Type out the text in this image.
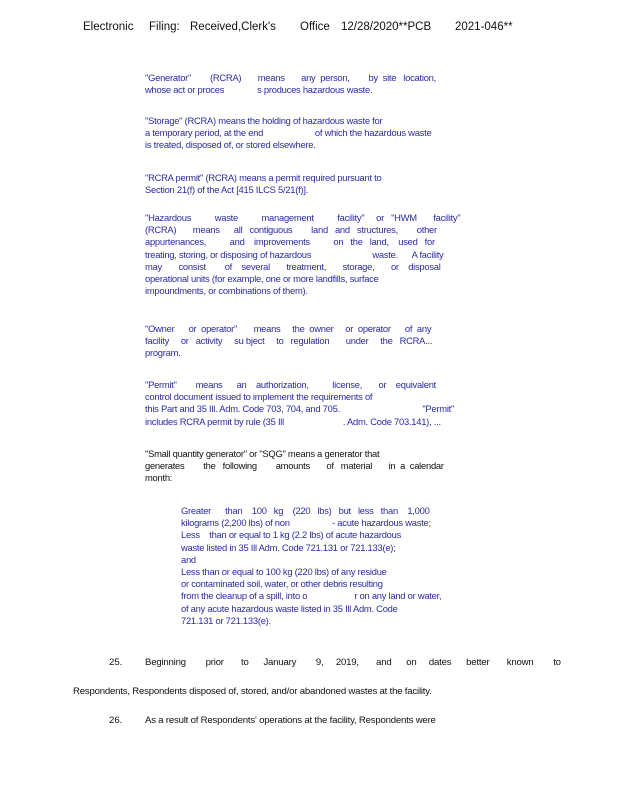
Electronic Filing: Received,Clerk's Office 12/28/2020**PCB 2021-046**
"Generator"        (RCRA)       means       any  person,        by  site   location,
whose act or proces              s produces hazardous waste.
"Storage" (RCRA) means the holding of hazardous waste for
a temporary period, at the end                      of which the hazardous waste
is treated, disposed of, or stored elsewhere.
"RCRA permit" (RCRA) means a permit required pursuant to
Section 21(f) of the Act [415 ILCS 5/21(f)].
"Hazardous          waste          management          facility"     or   "HWM       facility"
(RCRA)       means      all   contiguous        land   and   structures,        other
appurtenances,          and    improvements          on   the   land,    used   for
treating, storing, or disposing of hazardous                          waste.      A facility
may       consist        of    several       treatment,       storage,       or    disposal
operational units (for example, one or more landfills, surface
impoundments, or combinations of them).
"Owner      or  operator"       means     the  owner     or  operator      of  any
facility     or   activity     su bject     to   regulation       under     the   RCRA...
program.
"Permit"        means      an    authorization,          license,       or    equivalent
control document issued to implement the requirements of
this Part and 35 Ill. Adm. Code 703, 704, and 705.                                   "Permit"
includes RCRA permit by rule (35 Ill                         . Adm. Code 703.141), ...
"Small quantity generator" or "SQG" means a generator that
generates        the   following        amounts       of   material       in  a  calendar
month:
Greater      than    100   kg    (220   lbs)   but   less   than    1,000
kilograms (2,200 lbs) of non                  - acute hazardous waste;
Less    than or equal to 1 kg (2.2 lbs) of acute hazardous
waste listed in 35 Ill Adm. Code 721.131 or 721.133(e);
and
Less than or equal to 100 kg (220 lbs) of any residue
or contaminated soil, water, or other debris resulting
from the cleanup of a spill, into o                    r on any land or water,
of any acute hazardous waste listed in 35 Ill Adm. Code
721.131 or 721.133(e).
25. Beginning        prior       to      January        9,     2019,       and      on     dates      better       known        to
Respondents, Respondents disposed of, stored, and/or abandoned wastes at the facility.
26. As a result of Respondents' operations at the facility, Respondents were
